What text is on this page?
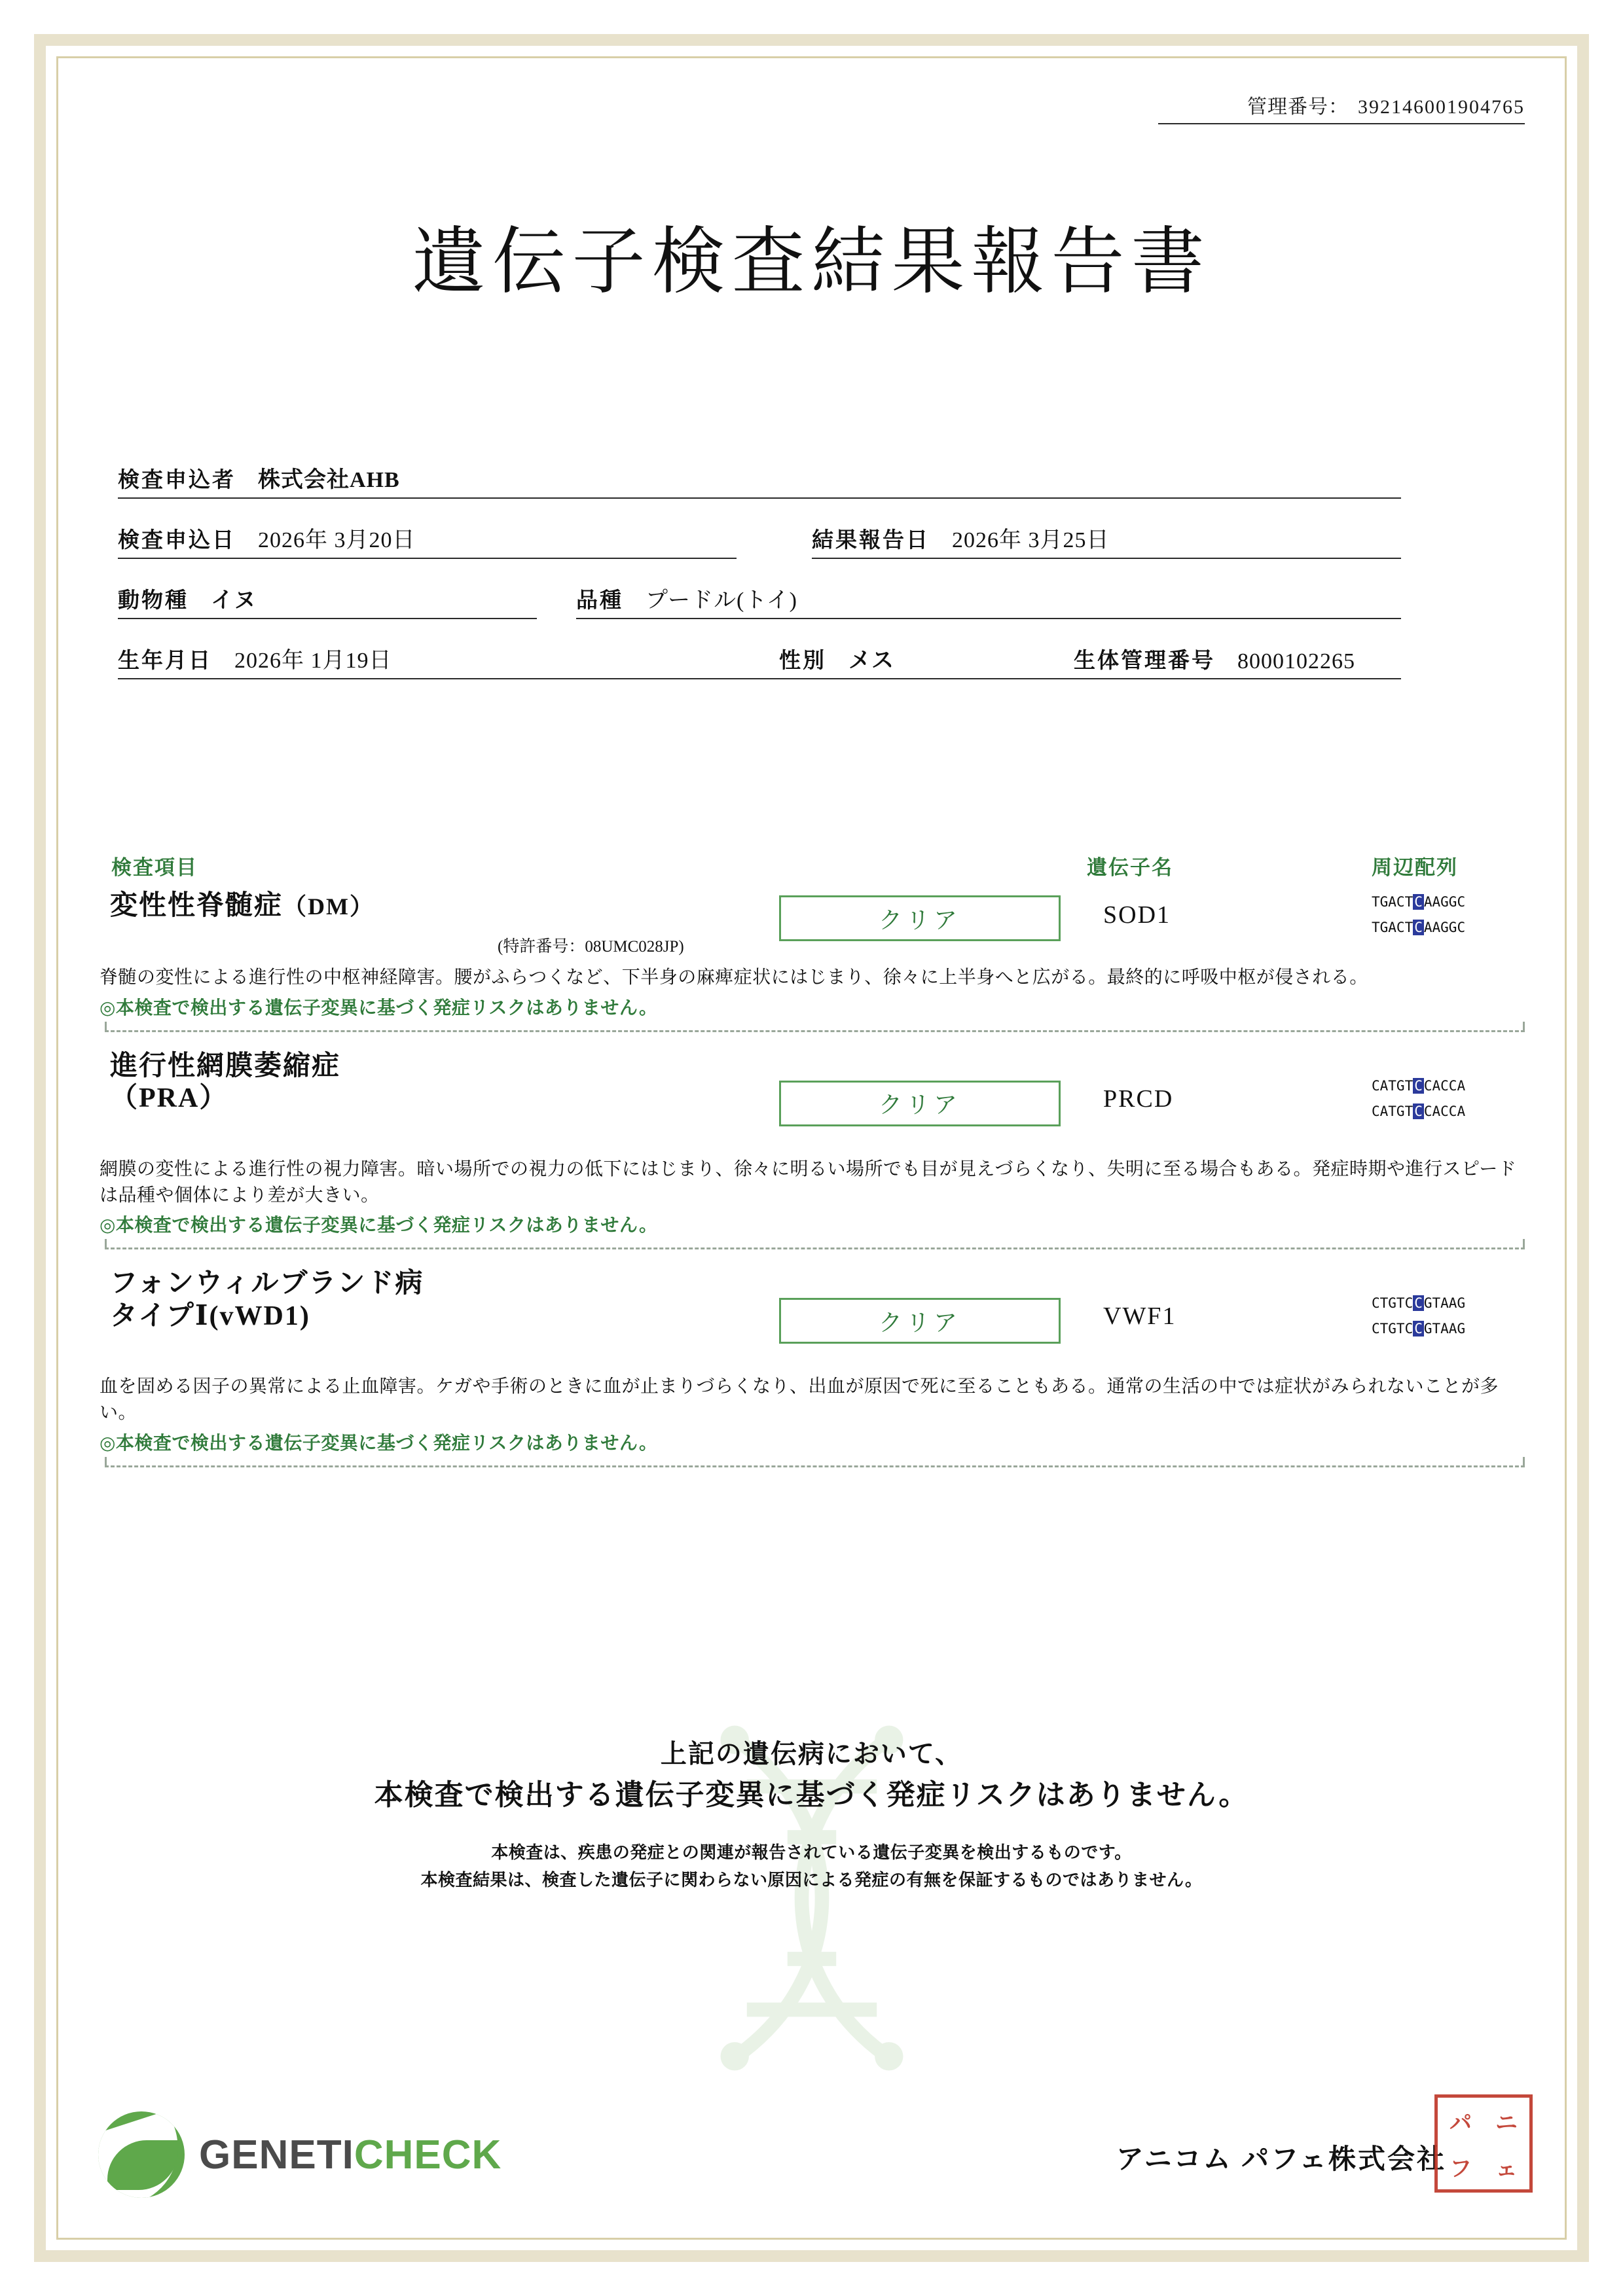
管理番号： 392146001904765
遺伝子検査結果報告書
検査申込者 株式会社AHB
検査申込日 2026年 3月20日	結果報告日 2026年 3月25日
動物種 イヌ	品種 プードル(トイ)
生年月日 2026年 1月19日	性別 メス	生体管理番号 8000102265
検査項目	遺伝子名	周辺配列
変性性脊髄症（DM）
(特許番号：08UMC028JP)
クリア	SOD1	TGACTCAAGGC
TGACTCAAGGC
脊髄の変性による進行性の中枢神経障害。腰がふらつくなど、下半身の麻痺症状にはじまり、徐々に上半身へと広がる。最終的に呼吸中枢が侵される。
◎本検査で検出する遺伝子変異に基づく発症リスクはありません。
進行性網膜萎縮症
（PRA）	クリア	PRCD	CATGTCCACCA
CATGTCCACCA
網膜の変性による進行性の視力障害。暗い場所での視力の低下にはじまり、徐々に明るい場所でも目が見えづらくなり、失明に至る場合もある。発症時期や進行スピードは品種や個体により差が大きい。
◎本検査で検出する遺伝子変異に基づく発症リスクはありません。
フォンウィルブランド病
タイプⅠ(vWD1)	クリア	VWF1	CTGTCCGTAAG
CTGTCCGTAAG
血を固める因子の異常による止血障害。ケガや手術のときに血が止まりづらくなり、出血が原因で死に至ることもある。通常の生活の中では症状がみられないことが多い。
◎本検査で検出する遺伝子変異に基づく発症リスクはありません。
上記の遺伝病において、
本検査で検出する遺伝子変異に基づく発症リスクはありません。
本検査は、疾患の発症との関連が報告されている遺伝子変異を検出するものです。
本検査結果は、検査した遺伝子に関わらない原因による発症の有無を保証するものではありません。
GENETICHECK	アニコム パフェ株式会社
パ ニ
フ ェ
